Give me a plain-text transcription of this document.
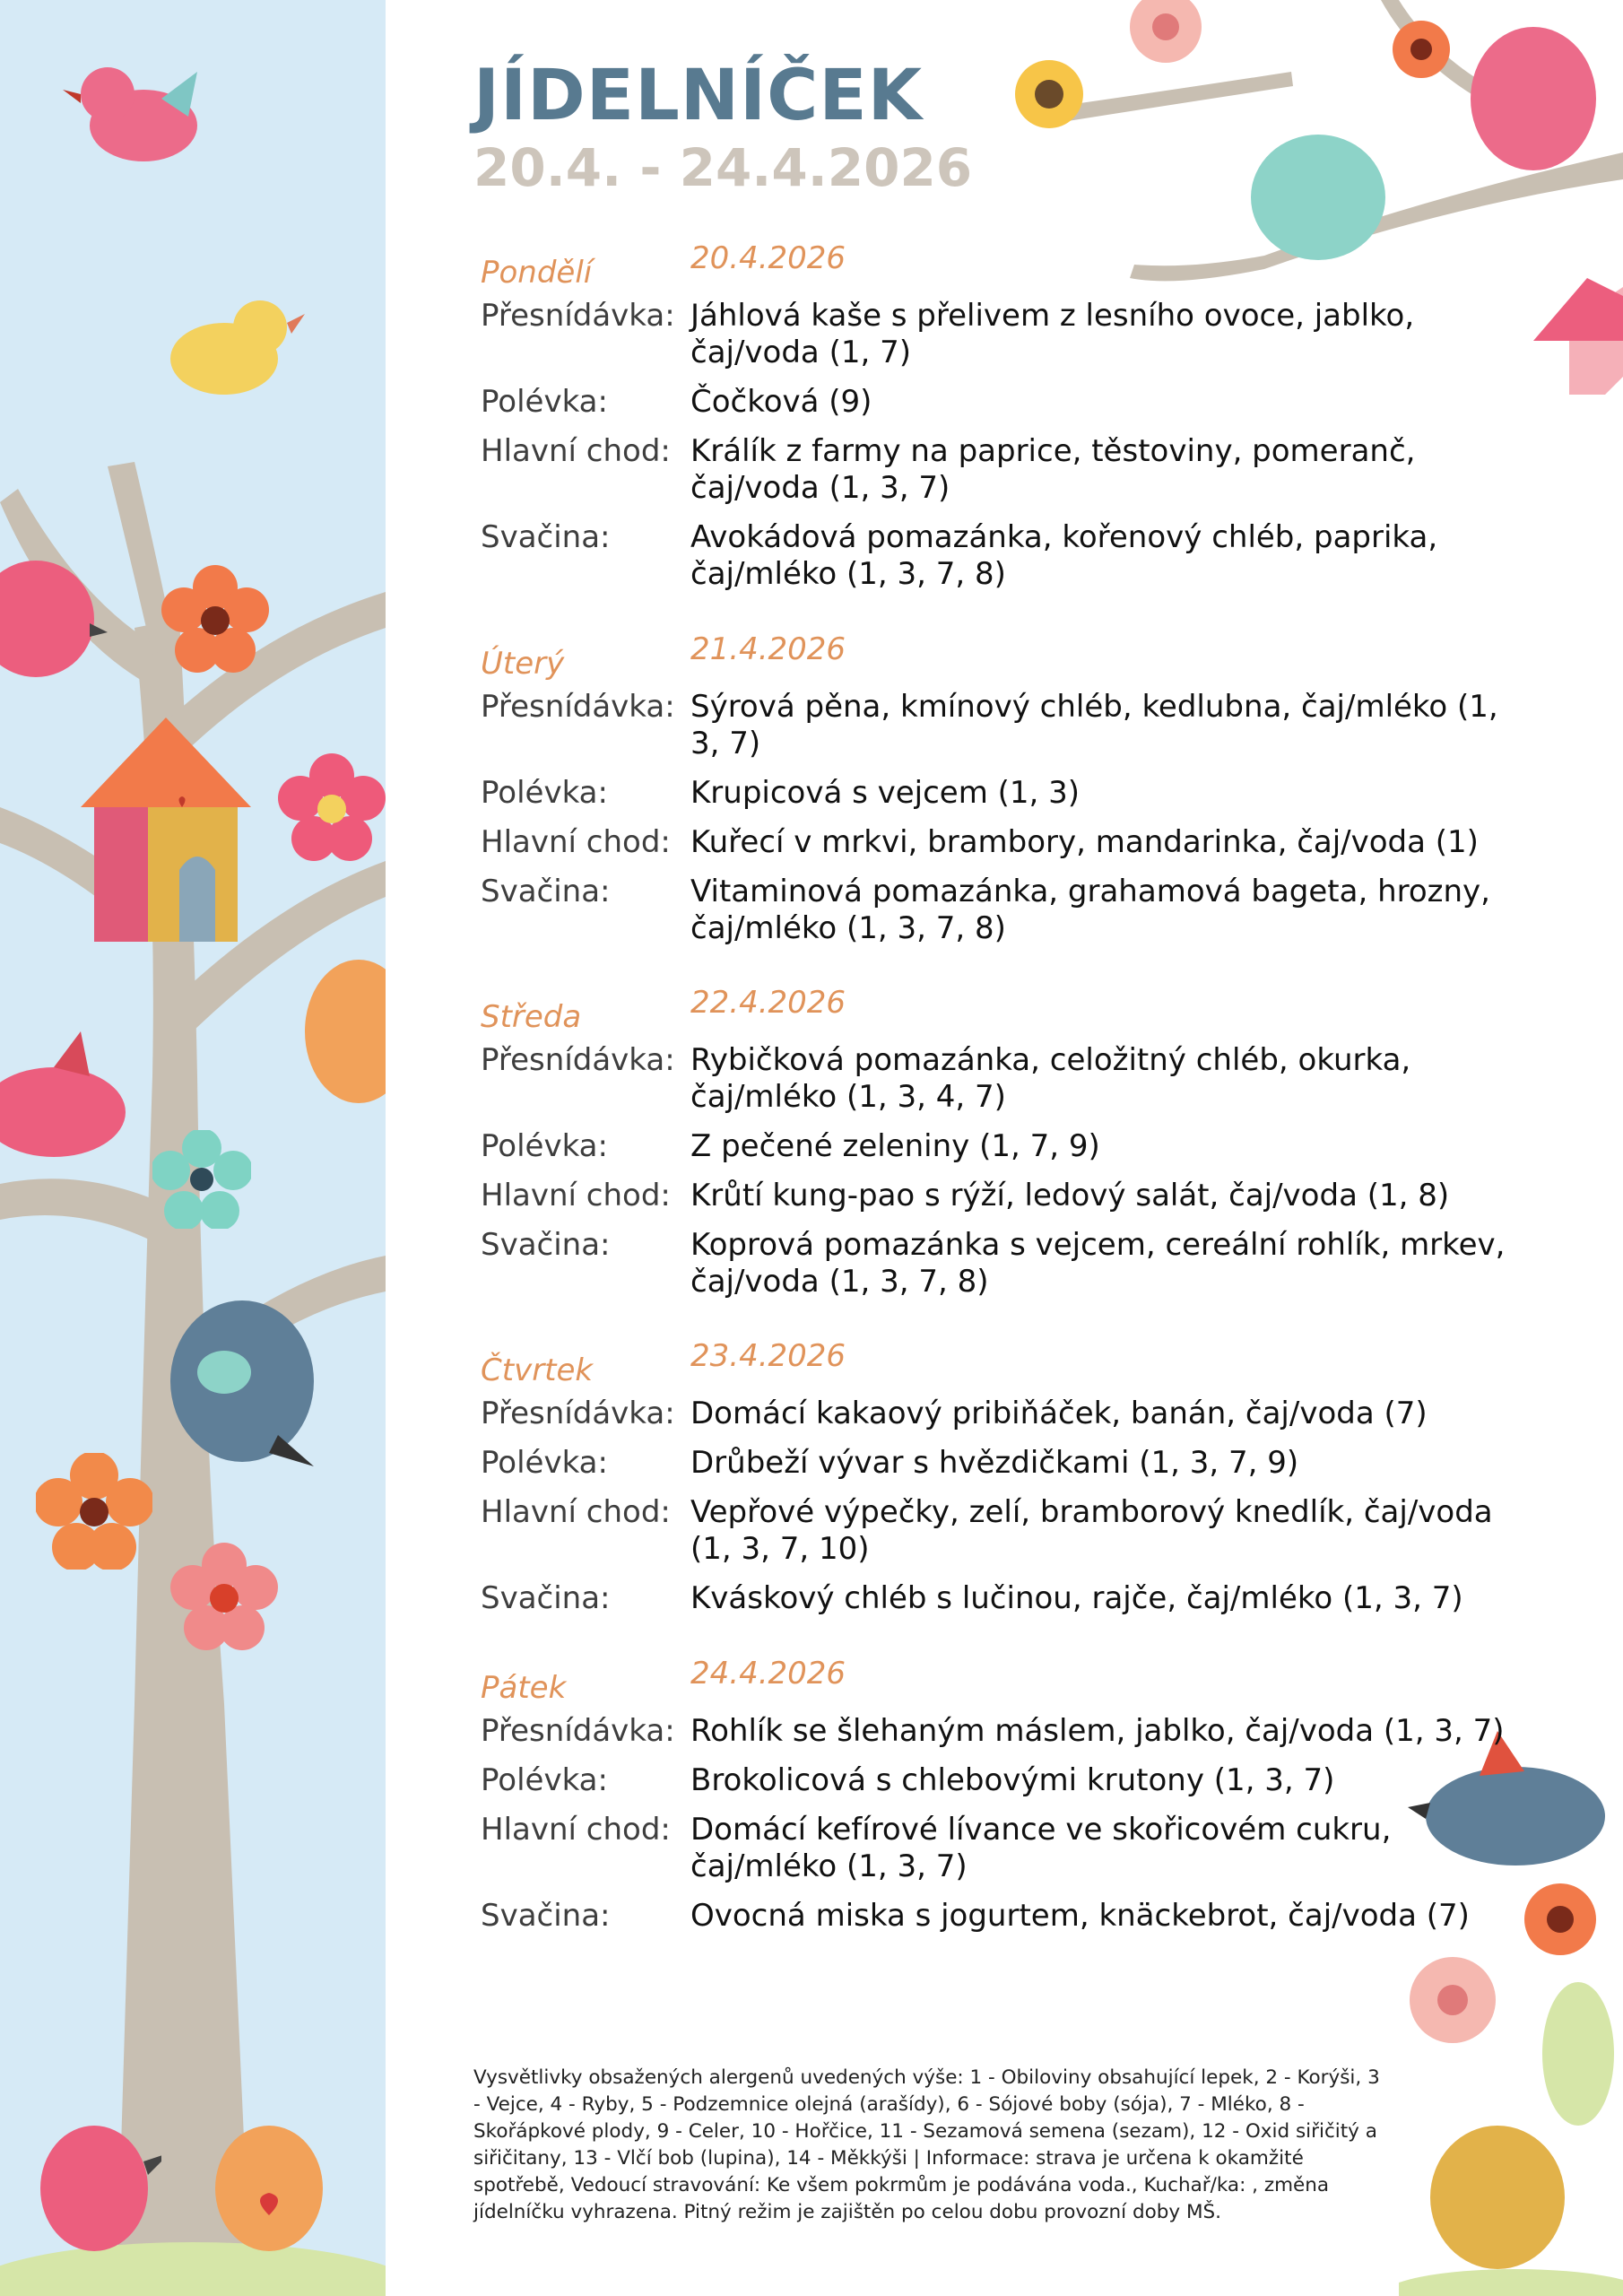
JÍDELNÍČEK
20.4. - 24.4.2026
Pondělí	20.4.2026
Přesnídávka: Jáhlová kaše s přelivem z lesního ovoce, jablko, čaj/voda (1, 7)
Polévka:	Čočková (9)
Hlavní chod: Králík z farmy na paprice, těstoviny, pomeranč, čaj/voda (1, 3, 7)
Svačina:	Avokádová pomazánka, kořenový chléb, paprika, čaj/mléko (1, 3, 7, 8)
Úterý	21.4.2026
Přesnídávka: Sýrová pěna, kmínový chléb, kedlubna, čaj/mléko (1, 3, 7)
Polévka:	Krupicová s vejcem (1, 3)
Hlavní chod: Kuřecí v mrkvi, brambory, mandarinka, čaj/voda (1)
Svačina:	Vitaminová pomazánka, grahamová bageta, hrozny, čaj/mléko (1, 3, 7, 8)
Středa	22.4.2026
Přesnídávka: Rybičková pomazánka, celožitný chléb, okurka, čaj/mléko (1, 3, 4, 7)
Polévka:	Z pečené zeleniny (1, 7, 9)
Hlavní chod: Krůtí kung-pao s rýží, ledový salát, čaj/voda (1, 8)
Svačina:	Koprová pomazánka s vejcem, cereální rohlík, mrkev, čaj/voda (1, 3, 7, 8)
Čtvrtek	23.4.2026
Přesnídávka: Domácí kakaový pribiňáček, banán, čaj/voda (7)
Polévka:	Drůbeží vývar s hvězdičkami (1, 3, 7, 9)
Hlavní chod: Vepřové výpečky, zelí, bramborový knedlík, čaj/voda (1, 3, 7, 10)
Svačina:	Kváskový chléb s lučinou, rajče, čaj/mléko (1, 3, 7)
Pátek	24.4.2026
Přesnídávka: Rohlík se šlehaným máslem, jablko, čaj/voda (1, 3, 7)
Polévka:	Brokolicová s chlebovými krutony (1, 3, 7)
Hlavní chod: Domácí kefírové lívance ve skořicovém cukru, čaj/mléko (1, 3, 7)
Svačina:	Ovocná miska s jogurtem, knäckebrot, čaj/voda (7)
Vysvětlivky obsažených alergenů uvedených výše: 1 - Obiloviny obsahující lepek, 2 - Korýši, 3 - Vejce, 4 - Ryby, 5 - Podzemnice olejná (arašídy), 6 - Sójové boby (sója), 7 - Mléko, 8 - Skořápkové plody, 9 - Celer, 10 - Hořčice, 11 - Sezamová semena (sezam), 12 - Oxid siřičitý a siřičitany, 13 - Vlčí bob (lupina), 14 - Měkkýši | Informace: strava je určena k okamžité spotřebě, Vedoucí stravování: Ke všem pokrmům je podávána voda., Kuchař/ka: , změna jídelníčku vyhrazena. Pitný režim je zajištěn po celou dobu provozní doby MŠ.
